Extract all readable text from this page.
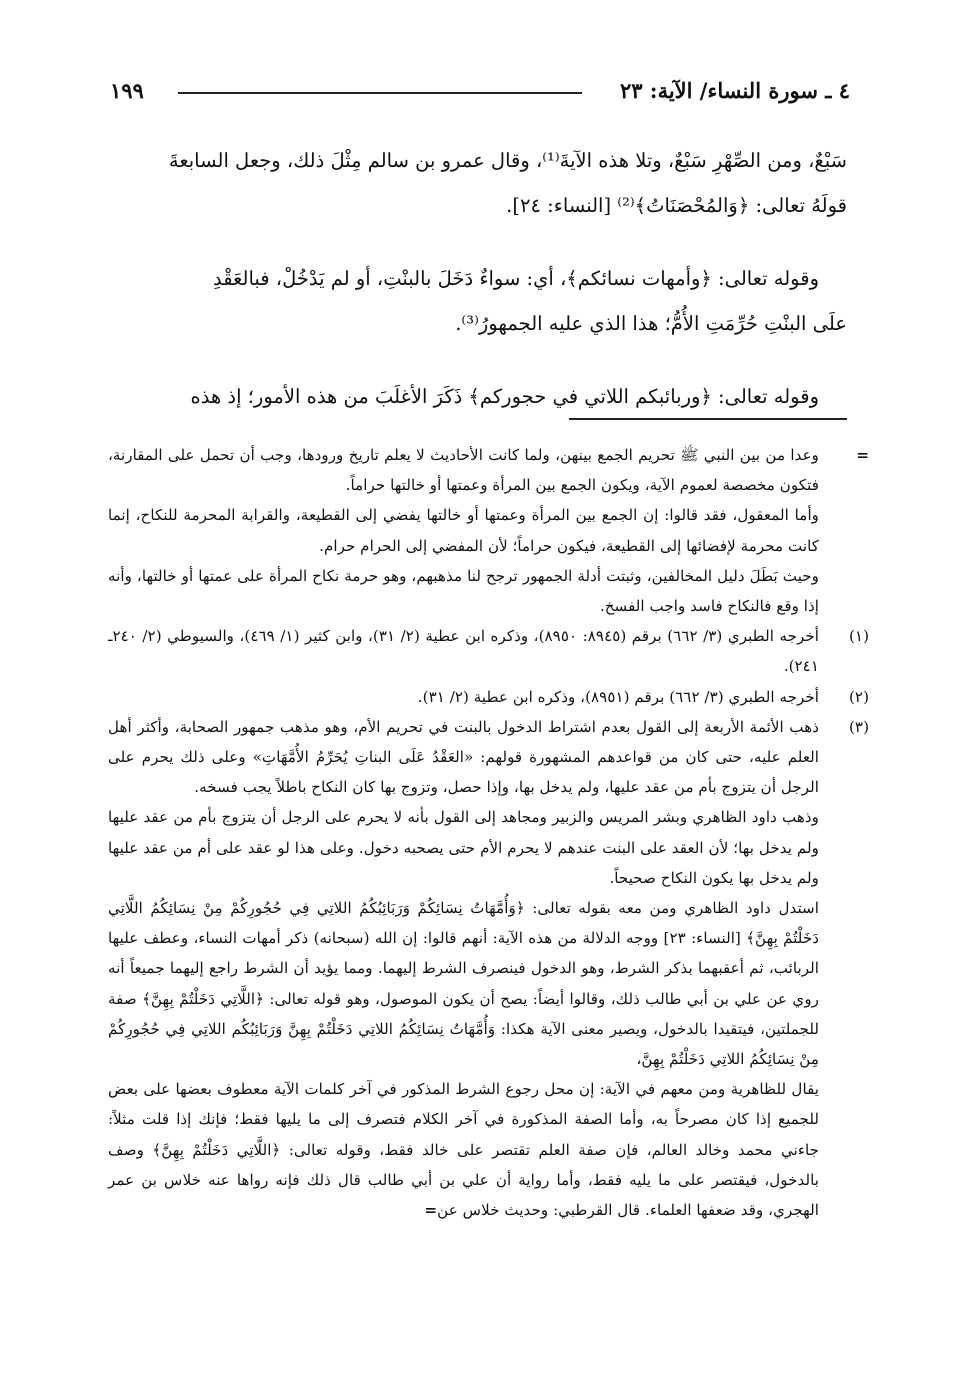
٤ ـ سورة النساء/ الآية: ٢٣
١٩٩

سَبْعٌ، ومن الصِّهْرِ سَبْعٌ، وتلا هذه الآيةَ⁽¹⁾، وقال عمرو بن سالم مِثْلَ ذلك، وجعل السابعةَ

قولَهُ تعالى: ﴿وَالمُحْصَنَاتُ﴾⁽²⁾ [النساء: ٢٤].

وقوله تعالى: ﴿وأمهات نسائكم﴾، أي: سواءٌ دَخَلَ بالبنْتِ، أو لم يَدْخُلْ، فبالعَقْدِ

علَى البنْتِ حُرِّمَتِ الأُمُّ؛ هذا الذي عليه الجمهورُ⁽³⁾.

وقوله تعالى: ﴿وربائبكم اللاتي في حجوركم﴾ ذَكَرَ الأغلَبَ من هذه الأمور؛ إذ هذه

=

وعدا من بين النبي ﷺ تحريم الجمع بينهن، ولما كانت الأحاديث لا يعلم تاريخ ورودها، وجب أن تحمل على المقارنة، فتكون مخصصة لعموم الآية، ويكون الجمع بين المرأة وعمتها أو خالتها حراماً.

وأما المعقول، فقد قالوا: إن الجمع بين المرأة وعمتها أو خالتها يفضي إلى القطيعة، والقرابة المحرمة للنكاح، إنما كانت محرمة لإفضائها إلى القطيعة، فيكون حراماً؛ لأن المفضي إلى الحرام حرام.

وحيث بَطَلَ دليل المخالفين، وثبتت أدلة الجمهور ترجح لنا مذهبهم، وهو حرمة نكاح المرأة على عمتها أو خالتها، وأنه إذا وقع فالنكاح فاسد واجب الفسخ.

(١)

أخرجه الطبري (٣/ ٦٦٢) برقم (٨٩٤٥: ٨٩٥٠)، وذكره ابن عطية (٢/ ٣١)، وابن كثير (١/ ٤٦٩)، والسيوطي (٢/ ٢٤٠ـ ٢٤١).

(٢)

أخرجه الطبري (٣/ ٦٦٢) برقم (٨٩٥١)، وذكره ابن عطية (٢/ ٣١).

(٣)

ذهب الأئمة الأربعة إلى القول بعدم اشتراط الدخول بالبنت في تحريم الأم، وهو مذهب جمهور الصحابة، وأكثر أهل العلم عليه، حتى كان من قواعدهم المشهورة قولهم: «العَقْدُ عَلَى البناتِ يُحَرِّمُ الأُمَّهَاتِ» وعلى ذلك يحرم على الرجل أن يتزوج بأم من عقد عليها، ولم يدخل بها، وإذا حصل، وتزوج بها كان النكاح باطلاً يجب فسخه.

وذهب داود الظاهري وبشر المريس والزبير ومجاهد إلى القول بأنه لا يحرم على الرجل أن يتزوج بأم من عقد عليها ولم يدخل بها؛ لأن العقد على البنت عندهم لا يحرم الأم حتى يصحبه دخول. وعلى هذا لو عقد على أم من عقد عليها ولم يدخل بها يكون النكاح صحيحاً.

استدل داود الظاهري ومن معه بقوله تعالى: ﴿وَأُمَّهَاتُ نِسَائِكُمْ وَرَبَائِبُكُمُ اللاتِي فِي حُجُورِكُمْ مِنْ نِسَائِكُمُ اللَّاتِي دَخَلْتُمْ بِهِنَّ﴾ [النساء: ٢٣] ووجه الدلالة من هذه الآية: أنهم قالوا: إن الله (سبحانه) ذكر أمهات النساء، وعطف عليها الربائب، ثم أعقبهما بذكر الشرط، وهو الدخول فينصرف الشرط إليهما. ومما يؤيد أن الشرط راجع إليهما جميعاً أنه روي عن علي بن أبي طالب ذلك، وقالوا أيضاً: يصح أن يكون الموصول، وهو قوله تعالى: ﴿اللَّاتِي دَخَلْتُمْ بِهِنَّ﴾ صفة للجملتين، فيتقيدا بالدخول، ويصير معنى الآية هكذا: وَأُمَّهَاتُ نِسَائِكُمُ اللاتِي دَخَلْتُمْ بِهِنَّ وَرَبَائِبُكُم اللاتِي فِي حُجُورِكُمْ مِنْ نِسَائِكُمُ اللاتِي دَخَلْتُمْ بِهِنَّ،

يقال للظاهرية ومن معهم في الآية: إن محل رجوع الشرط المذكور في آخر كلمات الآية معطوف بعضها على بعض للجميع إذا كان مصرحاً به، وأما الصفة المذكورة في آخر الكلام فتصرف إلى ما يليها فقط؛ فإنك إذا قلت مثلاً: جاءني محمد وخالد العالم، فإن صفة العلم تقتصر على خالد فقط، وقوله تعالى: ﴿اللَّاتِي دَخَلْتُمْ بِهِنَّ﴾ وصف بالدخول، فيقتصر على ما يليه فقط، وأما رواية أن علي بن أبي طالب قال ذلك فإنه رواها عنه خلاس بن عمر الهجري، وقد ضعفها العلماء. قال القرطبي: وحديث خلاس عن=
